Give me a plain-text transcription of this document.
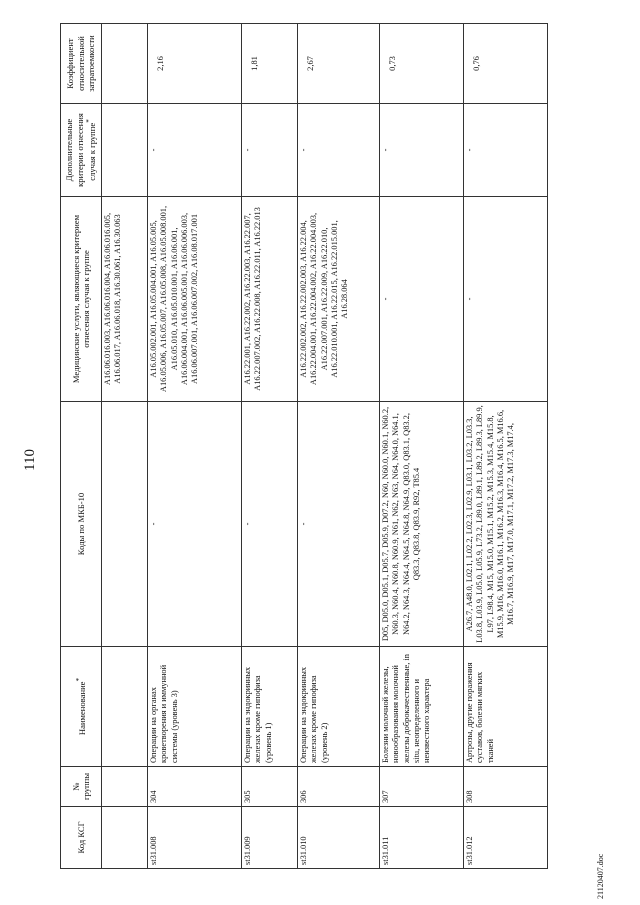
110
Код КСГ	№ группы	Наименование*	Коды по МКБ-10	Медицинские услуги, являющиеся критерием отнесения случая к группе	Дополнительные критерии отнесения случая к группе*	Коэффициент относительной затратоемкости
				A16.06.016.003, A16.06.016.004, A16.06.016.005, A16.06.017, A16.06.018, A16.30.061, A16.30.063		
st31.008	304	Операции на органах кроветворения и иммунной системы (уровень 3)	-	A16.05.002.001, A16.05.004.001, A16.05.005, A16.05.006, A16.05.007, A16.05.008, A16.05.008.001, A16.05.010, A16.05.010.001, A16.06.001, A16.06.004.001, A16.06.005.001, A16.06.006.003, A16.06.007.001, A16.06.007.002, A16.08.017.001	-	2,16
st31.009	305	Операции на эндокринных железах кроме гипофиза (уровень 1)	-	A16.22.001, A16.22.002, A16.22.003, A16.22.007, A16.22.007.002, A16.22.008, A16.22.011, A16.22.013	-	1,81
st31.010	306	Операции на эндокринных железах кроме гипофиза (уровень 2)	-	A16.22.002.002, A16.22.002.003, A16.22.004, A16.22.004.001, A16.22.004.002, A16.22.004.003, A16.22.007.001, A16.22.009, A16.22.010, A16.22.010.001, A16.22.015, A16.22.015.001, A16.28.064	-	2,67
st31.011	307	Болезни молочной железы, новообразования молочной железы доброкачественные, in situ, неопределенного и неизвестного характера	D05, D05.0, D05.1, D05.7, D05.9, D07.2, N60, N60.0, N60.1, N60.2, N60.3, N60.4, N60.8, N60.9, N61, N62, N63, N64, N64.0, N64.1, N64.2, N64.3, N64.4, N64.5, N64.8, N64.9, Q83.0, Q83.1, Q83.2, Q83.3, Q83.8, Q83.9, R92, T85.4	-	-	0,73
st31.012	308	Артрозы, другие поражения суставов, болезни мягких тканей	A26.7, A48.0, L02.1, L02.2, L02.3, L02.9, L03.1, L03.2, L03.3, L03.8, L03.9, L05.0, L05.9, L73.2, L89.0, L89.1, L89.2, L89.3, L89.9, L97, L98.4, M15, M15.0, M15.1, M15.2, M15.3, M15.4, M15.8, M15.9, M16, M16.0, M16.1, M16.2, M16.3, M16.4, M16.5, M16.6, M16.7, M16.9, M17, M17.0, M17.1, M17.2, M17.3, M17.4,	-	-	0,76
21120407.doc
